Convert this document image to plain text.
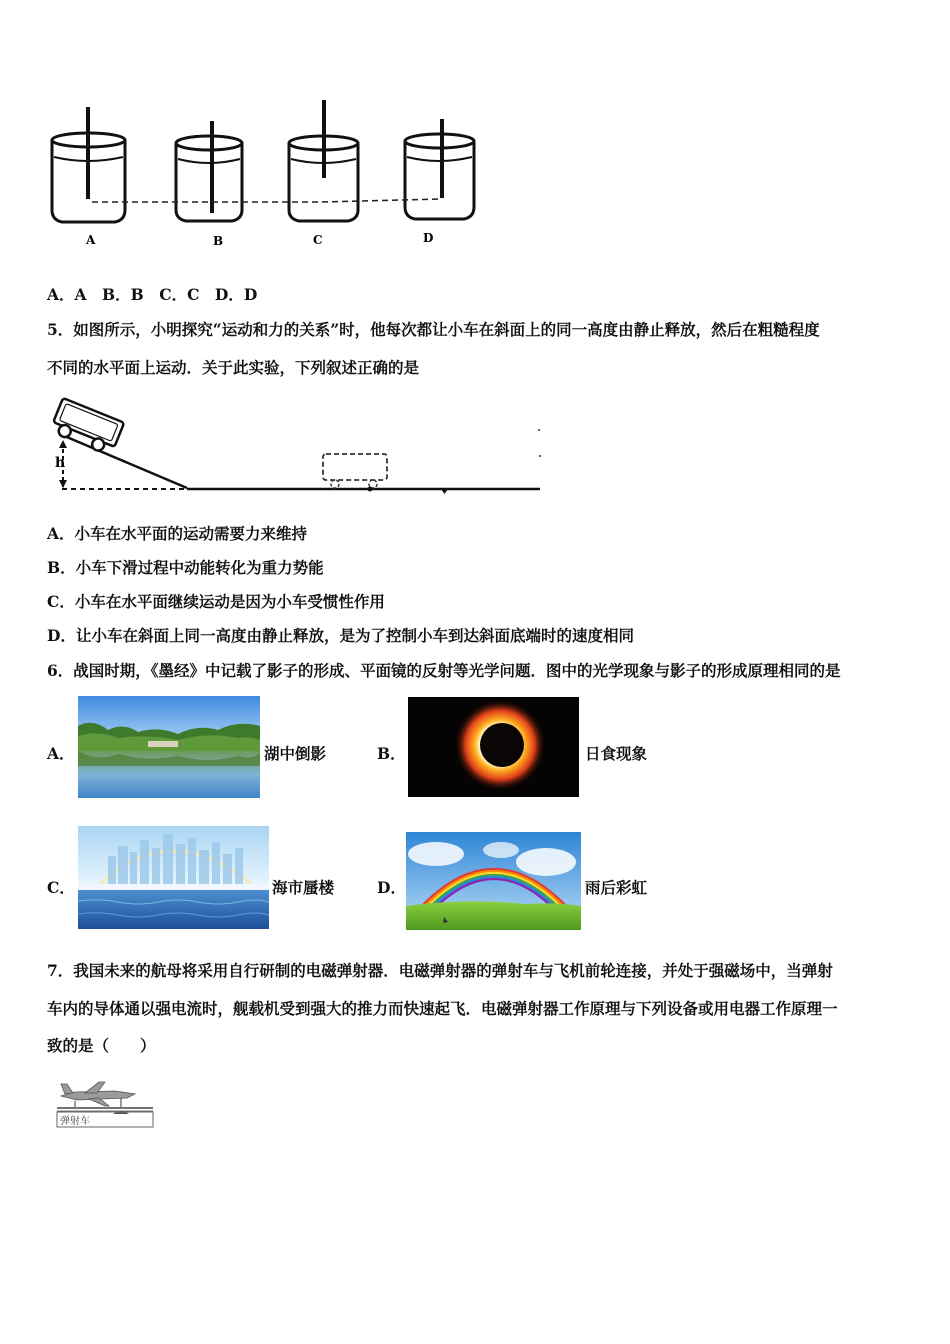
A	B	C	D
A．A　B．B　C．C　D．D
5．如图所示，小明探究“运动和力的关系”时，他每次都让小车在斜面上的同一高度由静止释放，然后在粗糙程度
不同的水平面上运动．关于此实验，下列叙述正确的是
h
A．小车在水平面的运动需要力来维持
B．小车下滑过程中动能转化为重力势能
C．小车在水平面继续运动是因为小车受惯性作用
D．让小车在斜面上同一高度由静止释放，是为了控制小车到达斜面底端时的速度相同
6．战国时期，《墨经》中记载了影子的形成、平面镜的反射等光学问题．图中的光学现象与影子的形成原理相同的是
A．	湖中倒影	B．	日食现象
C．	海市蜃楼	D．	雨后彩虹
7．我国未来的航母将采用自行研制的电磁弹射器．电磁弹射器的弹射车与飞机前轮连接，并处于强磁场中，当弹射
车内的导体通以强电流时，舰载机受到强大的推力而快速起飞．电磁弹射器工作原理与下列设备或用电器工作原理一
致的是（　　）
弹射车
